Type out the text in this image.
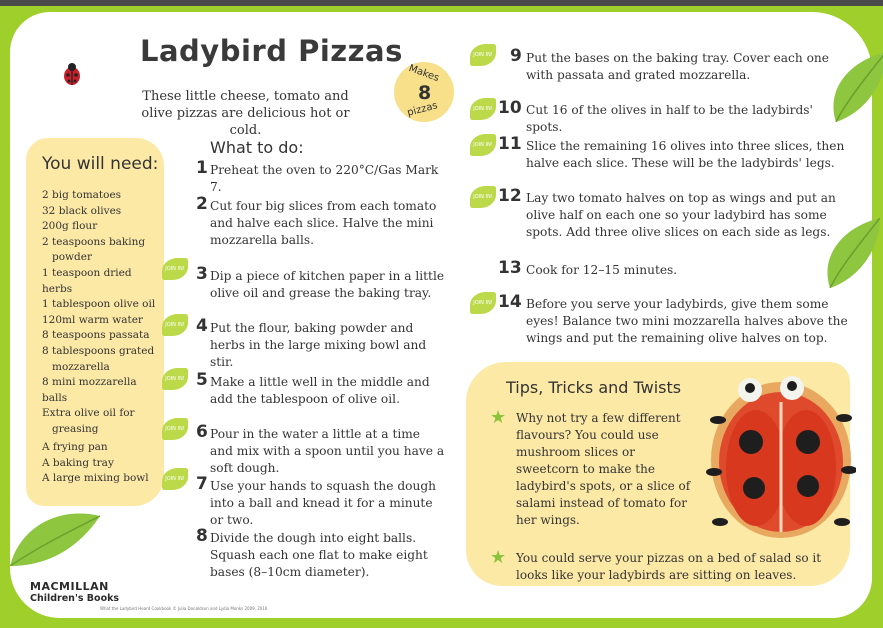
Ladybird Pizzas
These little cheese, tomato and olive pizzas are delicious hot or cold.
Makes
8
pizzas
You will need:
2 big tomatoes
32 black olives
200g flour
2 teaspoons baking
powder
1 teaspoon dried herbs
1 tablespoon olive oil
120ml warm water
8 teaspoons passata
8 tablespoons grated
mozzarella
8 mini mozzarella balls
Extra olive oil for
greasing
A frying pan
A baking tray
A large mixing bowl
What to do:
1 Preheat the oven to 220°C/Gas Mark 7.
2 Cut four big slices from each tomato and halve each slice. Halve the mini mozzarella balls.
JOIN IN! 3 Dip a piece of kitchen paper in a little olive oil and grease the baking tray.
JOIN IN! 4 Put the flour, baking powder and herbs in the large mixing bowl and stir.
JOIN IN! 5 Make a little well in the middle and add the tablespoon of olive oil.
JOIN IN! 6 Pour in the water a little at a time and mix with a spoon until you have a soft dough.
JOIN IN! 7 Use your hands to squash the dough into a ball and knead it for a minute or two.
8 Divide the dough into eight balls. Squash each one flat to make eight bases (8–10cm diameter).
JOIN IN! 9 Put the bases on the baking tray. Cover each one with passata and grated mozzarella.
JOIN IN! 10 Cut 16 of the olives in half to be the ladybirds' spots.
JOIN IN! 11 Slice the remaining 16 olives into three slices, then halve each slice. These will be the ladybirds' legs.
JOIN IN! 12 Lay two tomato halves on top as wings and put an olive half on each one so your ladybird has some spots. Add three olive slices on each side as legs.
13 Cook for 12–15 minutes.
JOIN IN! 14 Before you serve your ladybirds, give them some eyes! Balance two mini mozzarella halves above the wings and put the remaining olive halves on top.
Tips, Tricks and Twists
★ Why not try a few different flavours? You could use mushroom slices or sweetcorn to make the ladybird's spots, or a slice of salami instead of tomato for her wings.
★ You could serve your pizzas on a bed of salad so it looks like your ladybirds are sitting on leaves.
MACMILLAN
Children's Books
What the Ladybird Heard Cookbook © Julia Donaldson and Lydia Monks 2009, 2016
